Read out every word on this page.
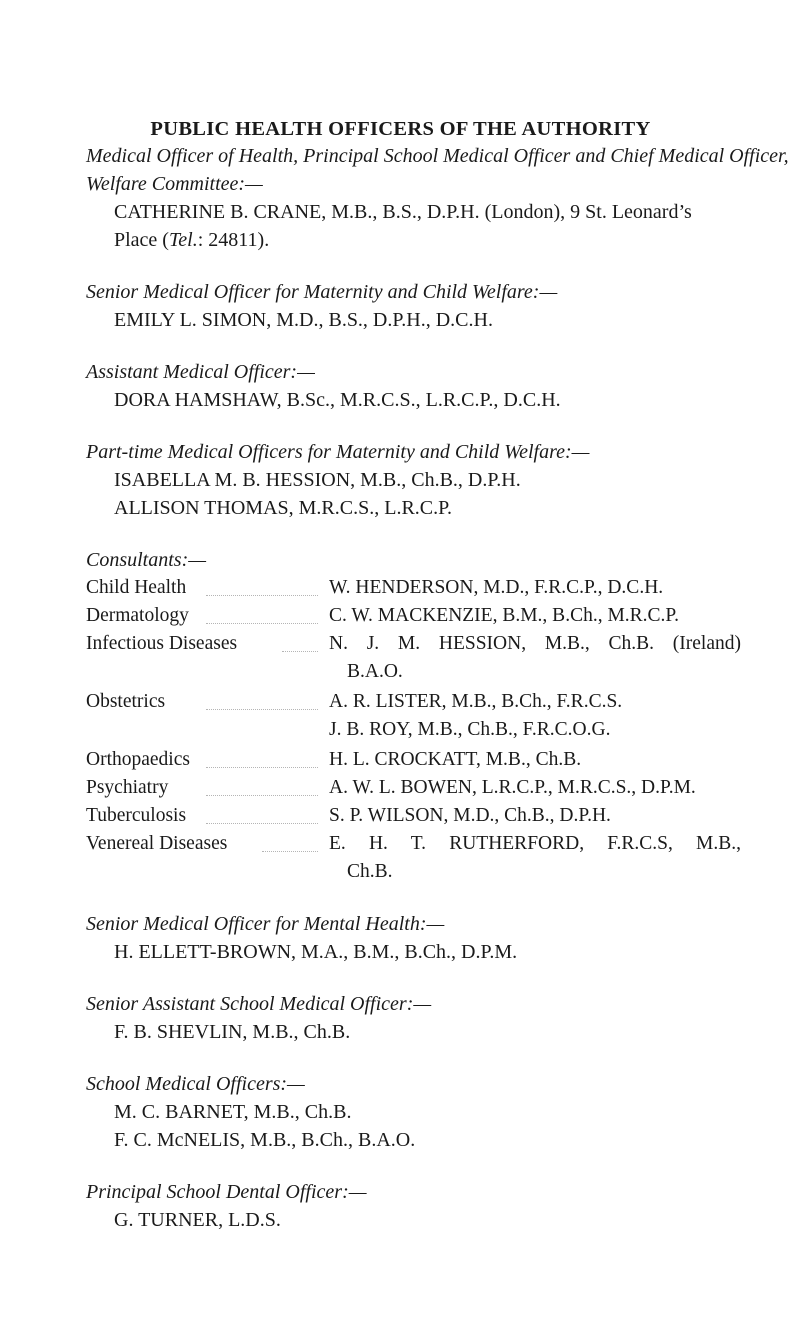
PUBLIC HEALTH OFFICERS OF THE AUTHORITY
Medical Officer of Health, Principal School Medical Officer and Chief Medical Officer,
Welfare Committee:—
CATHERINE B. CRANE, M.B., B.S., D.P.H. (London), 9 St. Leonard’s
Place (Tel.: 24811).
Senior Medical Officer for Maternity and Child Welfare:—
EMILY L. SIMON, M.D., B.S., D.P.H., D.C.H.
Assistant Medical Officer:—
DORA HAMSHAW, B.Sc., M.R.C.S., L.R.C.P., D.C.H.
Part-time Medical Officers for Maternity and Child Welfare:—
ISABELLA M. B. HESSION, M.B., Ch.B., D.P.H.
ALLISON THOMAS, M.R.C.S., L.R.C.P.
Consultants:—
Child Health	W. HENDERSON, M.D., F.R.C.P., D.C.H.
Dermatology	C. W. MACKENZIE, B.M., B.Ch., M.R.C.P.
Infectious Diseases	N. J. M. HESSION, M.B., Ch.B. (Ireland)
B.A.O.
Obstetrics	A. R. LISTER, M.B., B.Ch., F.R.C.S.
J. B. ROY, M.B., Ch.B., F.R.C.O.G.
Orthopaedics	H. L. CROCKATT, M.B., Ch.B.
Psychiatry	A. W. L. BOWEN, L.R.C.P., M.R.C.S., D.P.M.
Tuberculosis	S. P. WILSON, M.D., Ch.B., D.P.H.
Venereal Diseases	E. H. T. RUTHERFORD, F.R.C.S, M.B.,
Ch.B.
Senior Medical Officer for Mental Health:—
H. ELLETT-BROWN, M.A., B.M., B.Ch., D.P.M.
Senior Assistant School Medical Officer:—
F. B. SHEVLIN, M.B., Ch.B.
School Medical Officers:—
M. C. BARNET, M.B., Ch.B.
F. C. McNELIS, M.B., B.Ch., B.A.O.
Principal School Dental Officer:—
G. TURNER, L.D.S.
